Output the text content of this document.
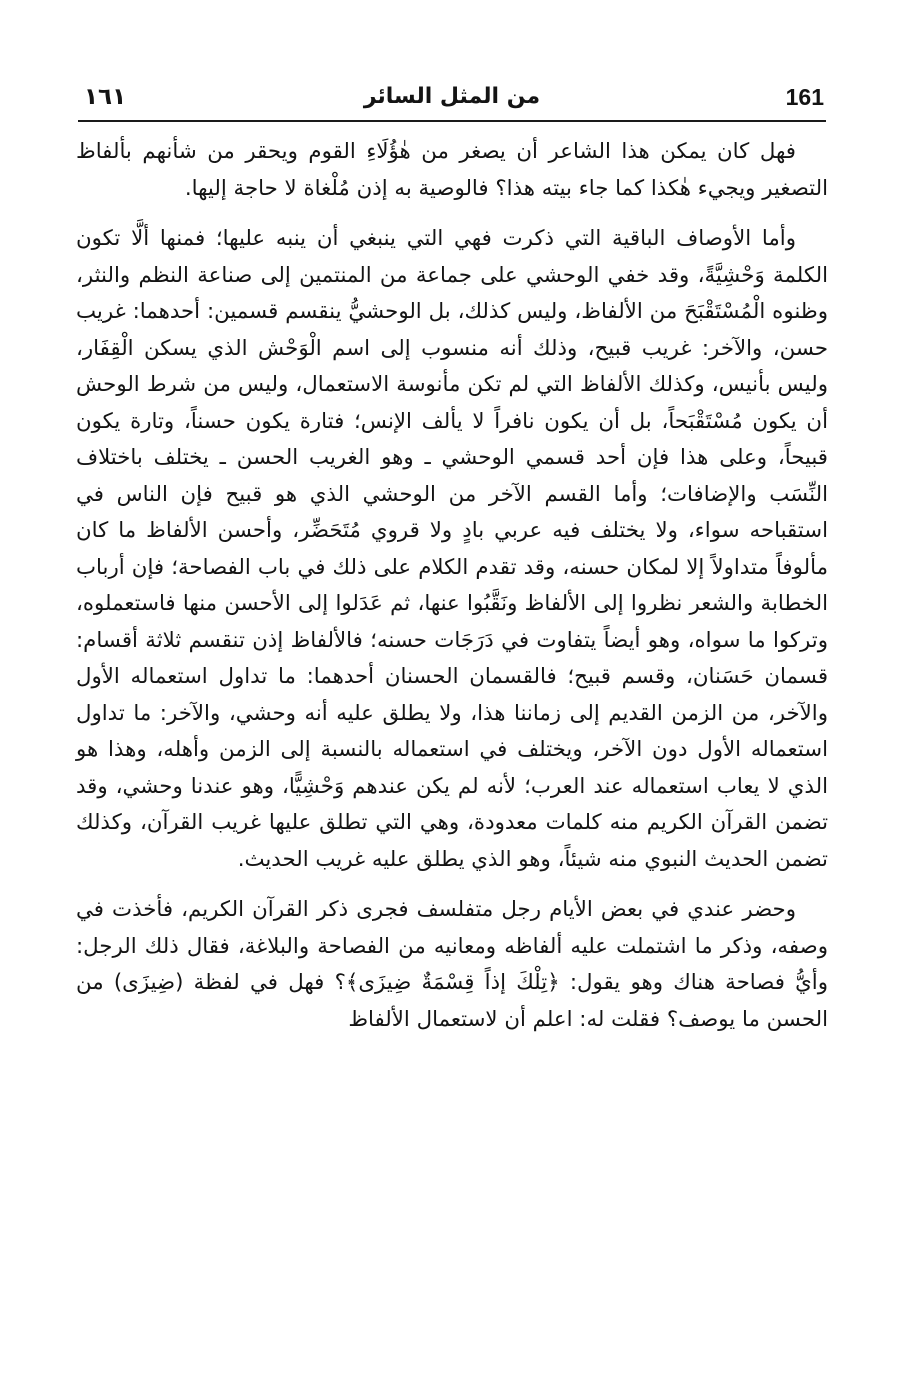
161
من المثل السائر
١٦١

فهل كان يمكن هذا الشاعر أن يصغر من هٰؤُلَاءِ القوم ويحقر من شأنهم بألفاظ التصغير ويجيء هٰكذا كما جاء بيته هذا؟ فالوصية به إذن مُلْغاة لا حاجة إليها.

وأما الأوصاف الباقية التي ذكرت فهي التي ينبغي أن ينبه عليها؛ فمنها ألَّا تكون الكلمة وَحْشِيَّةً، وقد خفي الوحشي على جماعة من المنتمين إلى صناعة النظم والنثر، وظنوه الْمُسْتَقْبَحَ من الألفاظ، وليس كذلك، بل الوحشيُّ ينقسم قسمين: أحدهما: غريب حسن، والآخر: غريب قبيح، وذلك أنه منسوب إلى اسم الْوَحْش الذي يسكن الْقِفَار، وليس بأنيس، وكذلك الألفاظ التي لم تكن مأنوسة الاستعمال، وليس من شرط الوحش أن يكون مُسْتَقْبَحاً، بل أن يكون نافراً لا يألف الإنس؛ فتارة يكون حسناً، وتارة يكون قبيحاً، وعلى هذا فإن أحد قسمي الوحشي ـ وهو الغريب الحسن ـ يختلف باختلاف النِّسَب والإضافات؛ وأما القسم الآخر من الوحشي الذي هو قبيح فإن الناس في استقباحه سواء، ولا يختلف فيه عربي بادٍ ولا قروي مُتَحَضِّر، وأحسن الألفاظ ما كان مألوفاً متداولاً إلا لمكان حسنه، وقد تقدم الكلام على ذلك في باب الفصاحة؛ فإن أرباب الخطابة والشعر نظروا إلى الألفاظ ونَقَّبُوا عنها، ثم عَدَلوا إلى الأحسن منها فاستعملوه، وتركوا ما سواه، وهو أيضاً يتفاوت في دَرَجَات حسنه؛ فالألفاظ إذن تنقسم ثلاثة أقسام: قسمان حَسَنان، وقسم قبيح؛ فالقسمان الحسنان أحدهما: ما تداول استعماله الأول والآخر، من الزمن القديم إلى زماننا هذا، ولا يطلق عليه أنه وحشي، والآخر: ما تداول استعماله الأول دون الآخر، ويختلف في استعماله بالنسبة إلى الزمن وأهله، وهذا هو الذي لا يعاب استعماله عند العرب؛ لأنه لم يكن عندهم وَحْشِيًّا، وهو عندنا وحشي، وقد تضمن القرآن الكريم منه كلمات معدودة، وهي التي تطلق عليها غريب القرآن، وكذلك تضمن الحديث النبوي منه شيئاً، وهو الذي يطلق عليه غريب الحديث.

وحضر عندي في بعض الأيام رجل متفلسف فجرى ذكر القرآن الكريم، فأخذت في وصفه، وذكر ما اشتملت عليه ألفاظه ومعانيه من الفصاحة والبلاغة، فقال ذلك الرجل: وأيُّ فصاحة هناك وهو يقول: ﴿تِلْكَ إذاً قِسْمَةٌ ضِيزَى﴾؟ فهل في لفظة (ضِيزَى) من الحسن ما يوصف؟ فقلت له: اعلم أن لاستعمال الألفاظ
